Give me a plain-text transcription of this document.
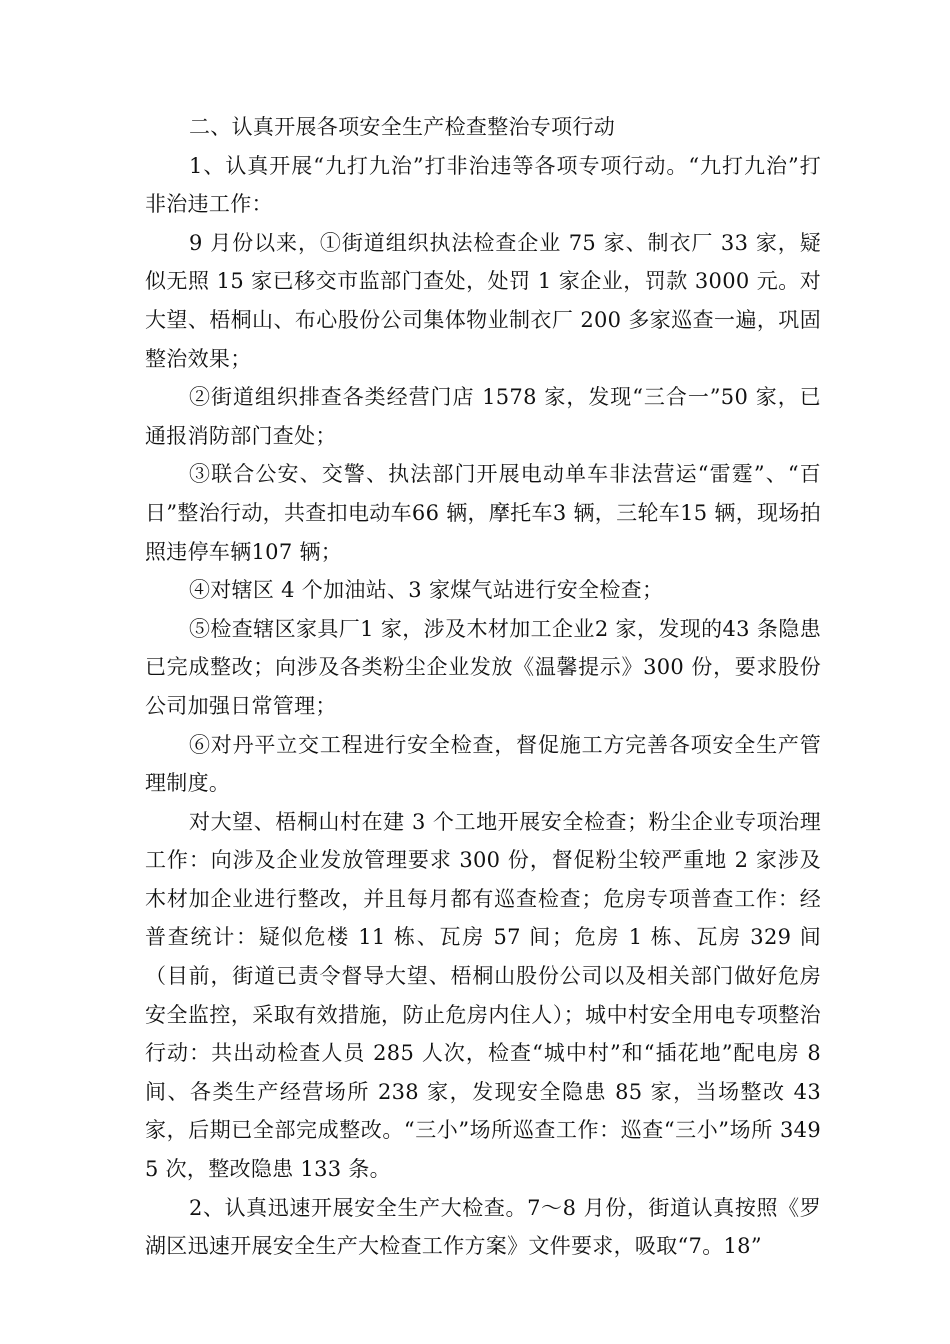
二、认真开展各项安全生产检查整治专项行动

1、认真开展“九打九治”打非治违等各项专项行动。“九打九治”打非治违工作：

9 月份以来，①街道组织执法检查企业 75 家、制衣厂 33 家，疑似无照 15 家已移交市监部门查处，处罚 1 家企业，罚款 3000 元。对大望、梧桐山、布心股份公司集体物业制衣厂 200 多家巡查一遍，巩固整治效果；

②街道组织排查各类经营门店 1578 家，发现“三合一”50 家，已通报消防部门查处；

③联合公安、交警、执法部门开展电动单车非法营运“雷霆”、“百日”整治行动，共查扣电动车66 辆，摩托车3 辆，三轮车15 辆，现场拍照违停车辆107 辆；

④对辖区 4 个加油站、3 家煤气站进行安全检查；

⑤检查辖区家具厂1 家，涉及木材加工企业2 家，发现的43 条隐患已完成整改；向涉及各类粉尘企业发放《温馨提示》300 份，要求股份公司加强日常管理；

⑥对丹平立交工程进行安全检查，督促施工方完善各项安全生产管理制度。

对大望、梧桐山村在建 3 个工地开展安全检查；粉尘企业专项治理工作：向涉及企业发放管理要求 300 份，督促粉尘较严重地 2 家涉及木材加企业进行整改，并且每月都有巡查检查；危房专项普查工作：经普查统计：疑似危楼 11 栋、瓦房 57 间；危房 1 栋、瓦房 329 间（目前，街道已责令督导大望、梧桐山股份公司以及相关部门做好危房安全监控，采取有效措施，防止危房内住人）；城中村安全用电专项整治行动：共出动检查人员 285 人次，检查“城中村”和“插花地”配电房 8 间、各类生产经营场所 238 家，发现安全隐患 85 家，当场整改 43 家，后期已全部完成整改。“三小”场所巡查工作：巡查“三小”场所 3495 次，整改隐患 133 条。

2、认真迅速开展安全生产大检查。7～8 月份，街道认真按照《罗湖区迅速开展安全生产大检查工作方案》文件要求，吸取“7。18”
